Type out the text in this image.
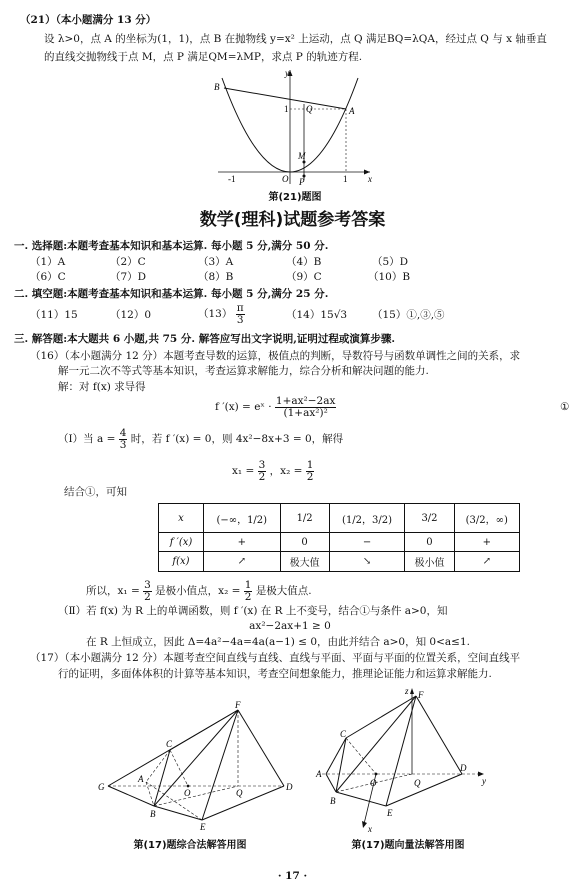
（21）（本小题满分 13 分）
设 λ>0，点 A 的坐标为(1，1)，点 B 在抛物线 y=x² 上运动，点 Q 满足BQ=λQA，经过点 Q 与 x 轴垂直
的直线交抛物线于点 M，点 P 满足QM=λMP，求点 P 的轨迹方程.
y
x
B
A
Q
M
O P
1
-1	1
第(21)题图
数学(理科)试题参考答案
一. 选择题:本题考查基本知识和基本运算. 每小题 5 分,满分 50 分.
（1）A	（2）C	（3）A	（4）B	（5）D
（6）C	（7）D	（8）B	（9）C	（10）B
二. 填空题:本题考查基本知识和基本运算. 每小题 5 分,满分 25 分.
（11）15	（12）0	$(13) \frac{\pi}{3}$	（14）15√3 （15）①,③,⑤
三. 解答题:本大题共 6 小题,共 75 分. 解答应写出文字说明,证明过程或演算步骤.
（16）（本小题满分 12 分）本题考查导数的运算，极值点的判断，导数符号与函数单调性之间的关系，求
解一元二次不等式等基本知识，考查运算求解能力，综合分析和解决问题的能力.
解：对 f(x) 求导得
f ′(x) = eˣ · $\frac{\text{1+ax²−2ax}}{\text{(1+ax²)²}}$	①
（Ⅰ）当 $a = \frac{4}{3}$ 时，若 f ′(x) = 0，则 4x²−8x+3 = 0，解得
$x_1 = \frac{3}{2}$ ，$x_2 = \frac{1}{2}$
结合①，可知
x	(−∞，1/2)	1/2	(1/2，3/2)	3/2	(3/2，∞)
f ′(x)	+	0	−	0	+
f(x)	↗	极大值	↘	极小值	↗
所以，$x_1 = \frac{3}{2}$ 是极小值点，$x_2 = \frac{1}{2}$ 是极大值点.
（Ⅱ）若 f(x) 为 R 上的单调函数，则 f ′(x) 在 R 上不变号，结合①与条件 a>0，知
ax²−2ax+1 ≥ 0
在 R 上恒成立，因此 Δ=4a²−4a=4a(a−1) ≤ 0，由此并结合 a>0，知 0<a≤1.
（17）（本小题满分 12 分）本题考查空间直线与直线、直线与平面、平面与平面的位置关系，空间直线平
行的证明，多面体体积的计算等基本知识，考查空间想象能力，推理论证能力和运算求解能力.
F
C
G
A
B
O	Q
D
E
z F
C
A
B
O	Q
D
y
E
x
第(17)题综合法解答用图	第(17)题向量法解答用图
· 17 ·
